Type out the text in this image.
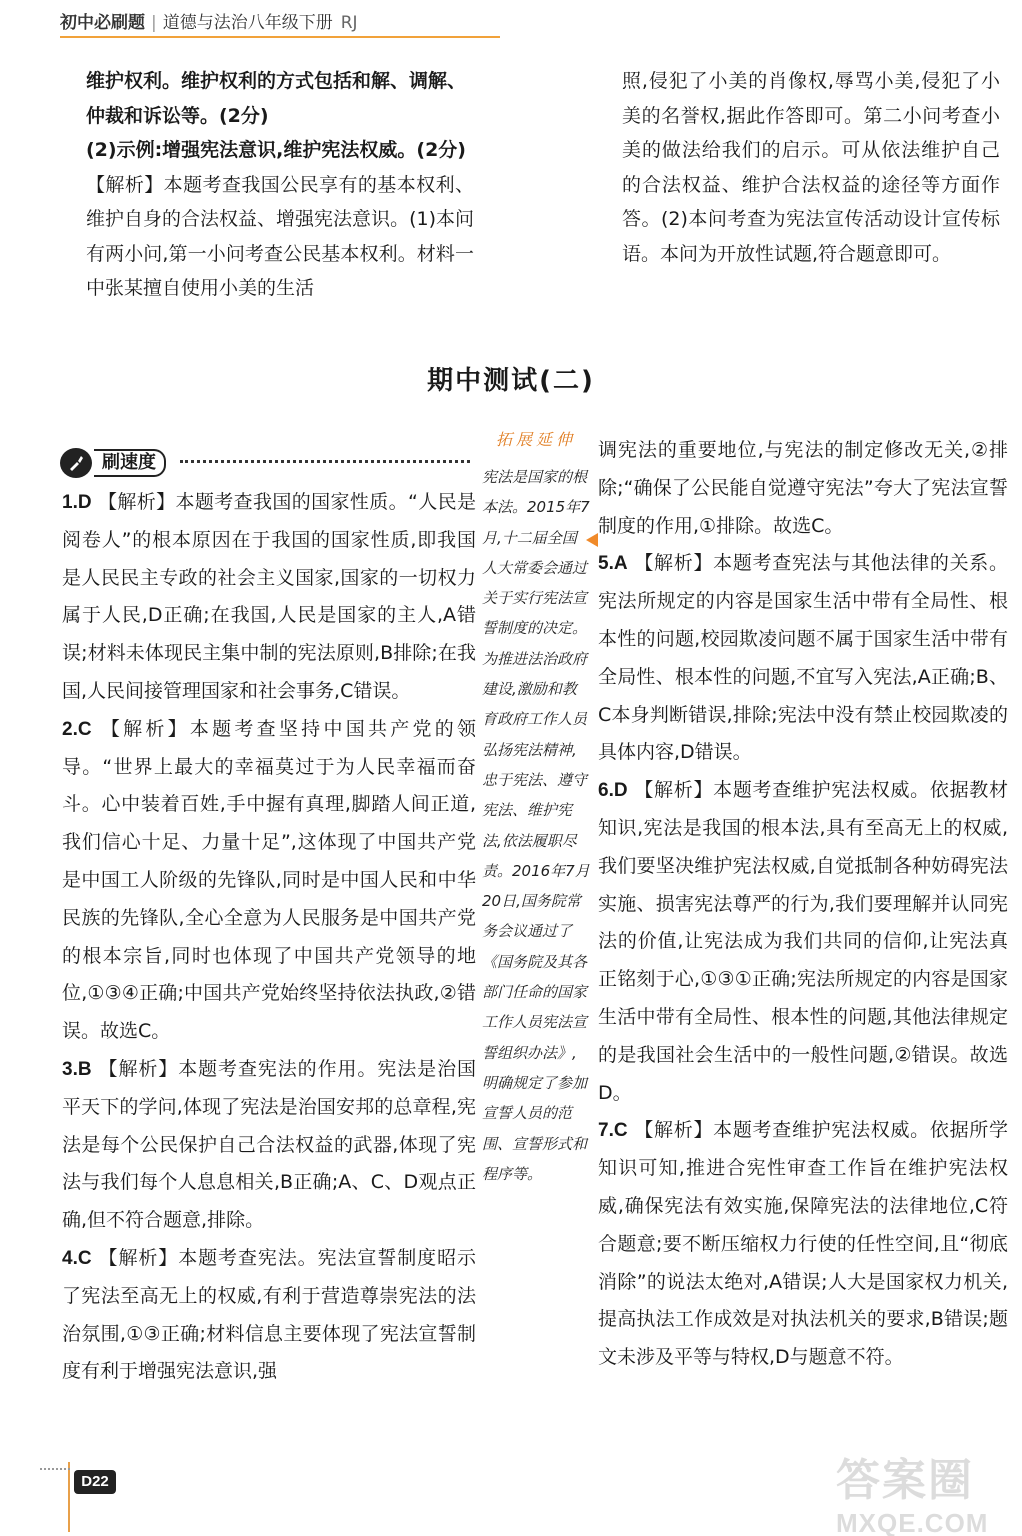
初中必刷题 | 道德与法治八年级下册 RJ
维护权利。维护权利的方式包括和解、调解、
仲裁和诉讼等。(2分)
(2)示例:增强宪法意识,维护宪法权威。(2分)
【解析】本题考查我国公民享有的基本权利、维护自身的合法权益、增强宪法意识。(1)本问有两小问,第一小问考查公民基本权利。材料一中张某擅自使用小美的生活
照,侵犯了小美的肖像权,辱骂小美,侵犯了小美的名誉权,据此作答即可。第二小问考查小美的做法给我们的启示。可从依法维护自己的合法权益、维护合法权益的途径等方面作答。(2)本问考查为宪法宣传活动设计宣传标语。本问为开放性试题,符合题意即可。
期中测试(二)
刷速度
1.D 【解析】本题考查我国的国家性质。“人民是阅卷人”的根本原因在于我国的国家性质,即我国是人民民主专政的社会主义国家,国家的一切权力属于人民,D正确;在我国,人民是国家的主人,A错误;材料未体现民主集中制的宪法原则,B排除;在我国,人民间接管理国家和社会事务,C错误。
2.C 【解析】本题考查坚持中国共产党的领导。“世界上最大的幸福莫过于为人民幸福而奋斗。心中装着百姓,手中握有真理,脚踏人间正道,我们信心十足、力量十足”,这体现了中国共产党是中国工人阶级的先锋队,同时是中国人民和中华民族的先锋队,全心全意为人民服务是中国共产党的根本宗旨,同时也体现了中国共产党领导的地位,①③④正确;中国共产党始终坚持依法执政,②错误。故选C。
3.B 【解析】本题考查宪法的作用。宪法是治国平天下的学问,体现了宪法是治国安邦的总章程,宪法是每个公民保护自己合法权益的武器,体现了宪法与我们每个人息息相关,B正确;A、C、D观点正确,但不符合题意,排除。
4.C 【解析】本题考查宪法。宪法宣誓制度昭示了宪法至高无上的权威,有利于营造尊崇宪法的法治氛围,①③正确;材料信息主要体现了宪法宣誓制度有利于增强宪法意识,强
拓展延伸
宪法是国家的根本法。2015年7月,十二届全国人大常委会通过关于实行宪法宣誓制度的决定。为推进法治政府建设,激励和教育政府工作人员弘扬宪法精神,忠于宪法、遵守宪法、维护宪法,依法履职尽责。2016年7月20日,国务院常务会议通过了《国务院及其各部门任命的国家工作人员宪法宣誓组织办法》,明确规定了参加宣誓人员的范围、宣誓形式和程序等。
调宪法的重要地位,与宪法的制定修改无关,②排除;“确保了公民能自觉遵守宪法”夸大了宪法宣誓制度的作用,①排除。故选C。
5.A 【解析】本题考查宪法与其他法律的关系。宪法所规定的内容是国家生活中带有全局性、根本性的问题,校园欺凌问题不属于国家生活中带有全局性、根本性的问题,不宜写入宪法,A正确;B、C本身判断错误,排除;宪法中没有禁止校园欺凌的具体内容,D错误。
6.D 【解析】本题考查维护宪法权威。依据教材知识,宪法是我国的根本法,具有至高无上的权威,我们要坚决维护宪法权威,自觉抵制各种妨碍宪法实施、损害宪法尊严的行为,我们要理解并认同宪法的价值,让宪法成为我们共同的信仰,让宪法真正铭刻于心,①③①正确;宪法所规定的内容是国家生活中带有全局性、根本性的问题,其他法律规定的是我国社会生活中的一般性问题,②错误。故选D。
7.C 【解析】本题考查维护宪法权威。依据所学知识可知,推进合宪性审查工作旨在维护宪法权威,确保宪法有效实施,保障宪法的法律地位,C符合题意;要不断压缩权力行使的任性空间,且“彻底消除”的说法太绝对,A错误;人大是国家权力机关,提高执法工作成效是对执法机关的要求,B错误;题文未涉及平等与特权,D与题意不符。
D22	答案圈
MXQE.COM
